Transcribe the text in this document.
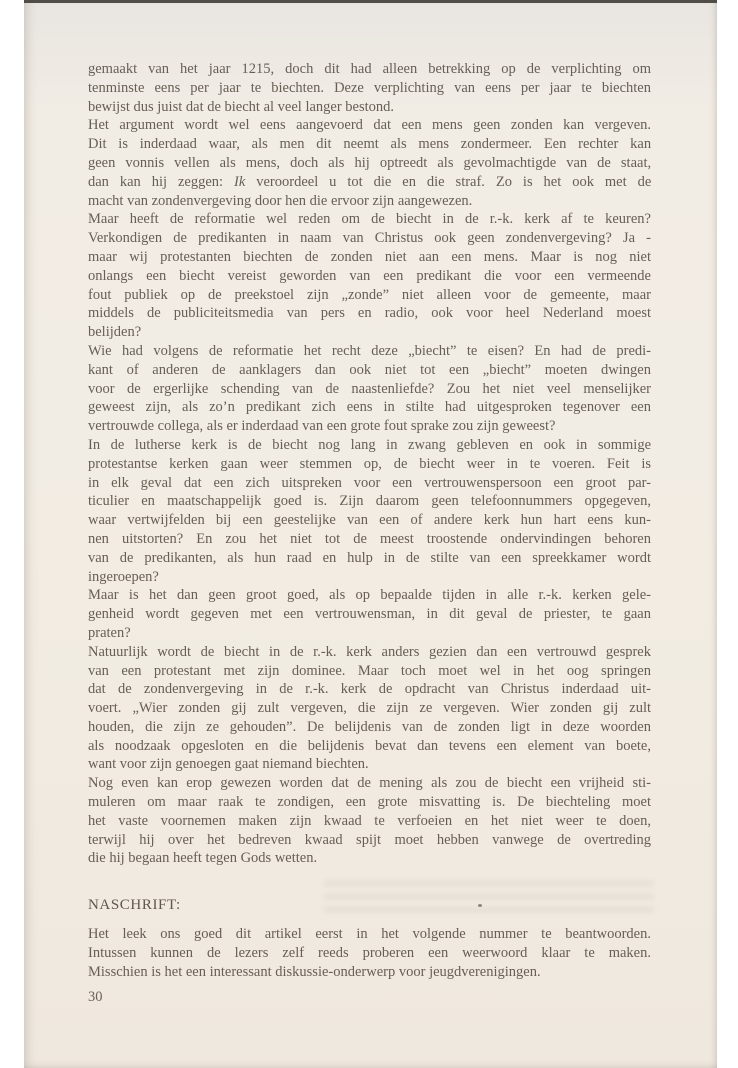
gemaakt van het jaar 1215, doch dit had alleen betrekking op de verplichting om
tenminste eens per jaar te biechten. Deze verplichting van eens per jaar te biechten
bewijst dus juist dat de biecht al veel langer bestond.
Het argument wordt wel eens aangevoerd dat een mens geen zonden kan vergeven.
Dit is inderdaad waar, als men dit neemt als mens zondermeer. Een rechter kan
geen vonnis vellen als mens, doch als hij optreedt als gevolmachtigde van de staat,
dan kan hij zeggen: Ik veroordeel u tot die en die straf. Zo is het ook met de
macht van zondenvergeving door hen die ervoor zijn aangewezen.
Maar heeft de reformatie wel reden om de biecht in de r.-k. kerk af te keuren?
Verkondigen de predikanten in naam van Christus ook geen zondenvergeving? Ja -
maar wij protestanten biechten de zonden niet aan een mens. Maar is nog niet
onlangs een biecht vereist geworden van een predikant die voor een vermeende
fout publiek op de preekstoel zijn „zonde” niet alleen voor de gemeente, maar
middels de publiciteitsmedia van pers en radio, ook voor heel Nederland moest
belijden?
Wie had volgens de reformatie het recht deze „biecht” te eisen? En had de predi-
kant of anderen de aanklagers dan ook niet tot een „biecht” moeten dwingen
voor de ergerlijke schending van de naastenliefde? Zou het niet veel menselijker
geweest zijn, als zo’n predikant zich eens in stilte had uitgesproken tegenover een
vertrouwde collega, als er inderdaad van een grote fout sprake zou zijn geweest?
In de lutherse kerk is de biecht nog lang in zwang gebleven en ook in sommige
protestantse kerken gaan weer stemmen op, de biecht weer in te voeren. Feit is
in elk geval dat een zich uitspreken voor een vertrouwenspersoon een groot par-
ticulier en maatschappelijk goed is. Zijn daarom geen telefoonnummers opgegeven,
waar vertwijfelden bij een geestelijke van een of andere kerk hun hart eens kun-
nen uitstorten? En zou het niet tot de meest troostende ondervindingen behoren
van de predikanten, als hun raad en hulp in de stilte van een spreekkamer wordt
ingeroepen?
Maar is het dan geen groot goed, als op bepaalde tijden in alle r.-k. kerken gele-
genheid wordt gegeven met een vertrouwensman, in dit geval de priester, te gaan
praten?
Natuurlijk wordt de biecht in de r.-k. kerk anders gezien dan een vertrouwd gesprek
van een protestant met zijn dominee. Maar toch moet wel in het oog springen
dat de zondenvergeving in de r.-k. kerk de opdracht van Christus inderdaad uit-
voert. „Wier zonden gij zult vergeven, die zijn ze vergeven. Wier zonden gij zult
houden, die zijn ze gehouden”. De belijdenis van de zonden ligt in deze woorden
als noodzaak opgesloten en die belijdenis bevat dan tevens een element van boete,
want voor zijn genoegen gaat niemand biechten.
Nog even kan erop gewezen worden dat de mening als zou de biecht een vrijheid sti-
muleren om maar raak te zondigen, een grote misvatting is. De biechteling moet
het vaste voornemen maken zijn kwaad te verfoeien en het niet weer te doen,
terwijl hij over het bedreven kwaad spijt moet hebben vanwege de overtreding
die hij begaan heeft tegen Gods wetten.
NASCHRIFT:
Het leek ons goed dit artikel eerst in het volgende nummer te beantwoorden.
Intussen kunnen de lezers zelf reeds proberen een weerwoord klaar te maken.
Misschien is het een interessant diskussie-onderwerp voor jeugdverenigingen.
30
